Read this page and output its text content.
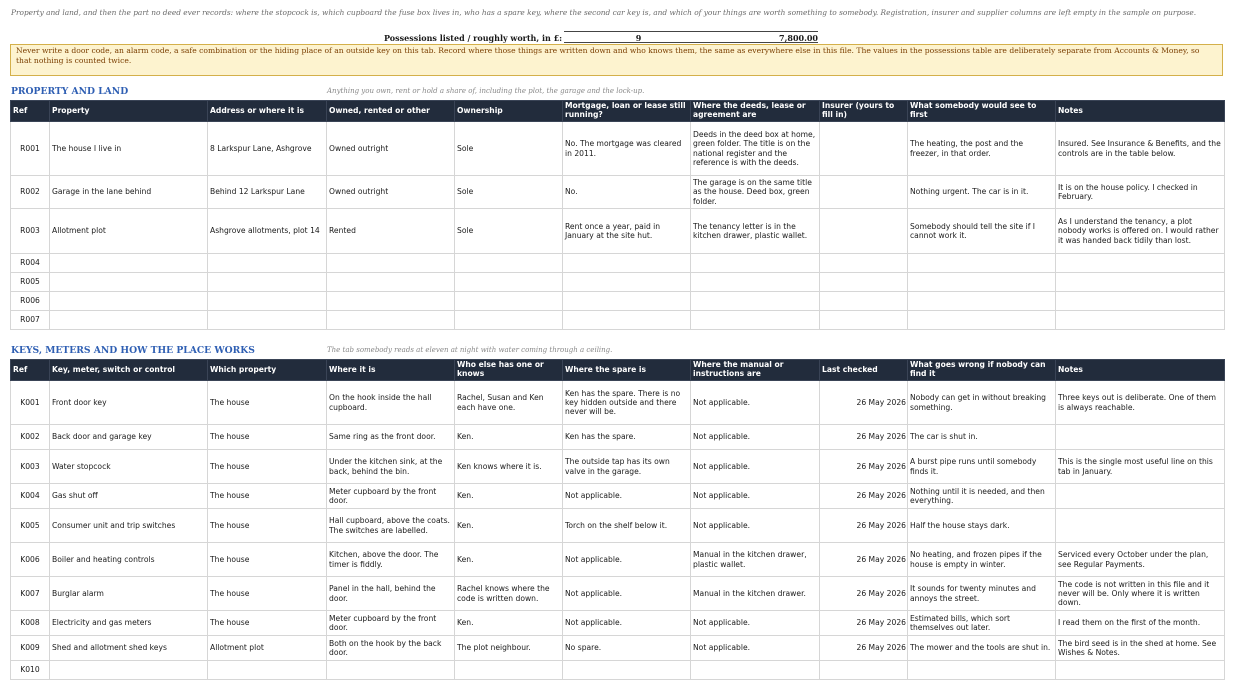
Property and land, and then the part no deed ever records: where the stopcock is, which cupboard the fuse box lives in, who has a spare key, where the second car key is, and which of your things are worth something to somebody. Registration, insurer and supplier columns are left empty in the sample on purpose.
Possessions listed / roughly worth, in £:	9	7,800.00
Never write a door code, an alarm code, a safe combination or the hiding place of an outside key on this tab. Record where those things are written down and who knows them, the same as everywhere else in this file. The values in the possessions table are deliberately separate from Accounts & Money, so that nothing is counted twice.
PROPERTY AND LAND	Anything you own, rent or hold a share of, including the plot, the garage and the lock-up.
Ref	Property	Address or where it is	Owned, rented or other	Ownership	Mortgage, loan or lease still running?	Where the deeds, lease or agreement are	Insurer (yours to fill in)	What somebody would see to first	Notes
R001	The house I live in	8 Larkspur Lane, Ashgrove	Owned outright	Sole	No. The mortgage was cleared in 2011.	Deeds in the deed box at home, green folder. The title is on the national register and the reference is with the deeds.		The heating, the post and the freezer, in that order.	Insured. See Insurance & Benefits, and the controls are in the table below.
R002	Garage in the lane behind	Behind 12 Larkspur Lane	Owned outright	Sole	No.	The garage is on the same title as the house. Deed box, green folder.		Nothing urgent. The car is in it.	It is on the house policy. I checked in February.
R003	Allotment plot	Ashgrove allotments, plot 14	Rented	Sole	Rent once a year, paid in January at the site hut.	The tenancy letter is in the kitchen drawer, plastic wallet.		Somebody should tell the site if I cannot work it.	As I understand the tenancy, a plot nobody works is offered on. I would rather it was handed back tidily than lost.
R004									
R005									
R006									
R007									
KEYS, METERS AND HOW THE PLACE WORKS	The tab somebody reads at eleven at night with water coming through a ceiling.
Ref	Key, meter, switch or control	Which property	Where it is	Who else has one or knows	Where the spare is	Where the manual or instructions are	Last checked	What goes wrong if nobody can find it	Notes
K001	Front door key	The house	On the hook inside the hall cupboard.	Rachel, Susan and Ken each have one.	Ken has the spare. There is no key hidden outside and there never will be.	Not applicable.	26 May 2026	Nobody can get in without breaking something.	Three keys out is deliberate. One of them is always reachable.
K002	Back door and garage key	The house	Same ring as the front door.	Ken.	Ken has the spare.	Not applicable.	26 May 2026	The car is shut in.	
K003	Water stopcock	The house	Under the kitchen sink, at the back, behind the bin.	Ken knows where it is.	The outside tap has its own valve in the garage.	Not applicable.	26 May 2026	A burst pipe runs until somebody finds it.	This is the single most useful line on this tab in January.
K004	Gas shut off	The house	Meter cupboard by the front door.	Ken.	Not applicable.	Not applicable.	26 May 2026	Nothing until it is needed, and then everything.	
K005	Consumer unit and trip switches	The house	Hall cupboard, above the coats. The switches are labelled.	Ken.	Torch on the shelf below it.	Not applicable.	26 May 2026	Half the house stays dark.	
K006	Boiler and heating controls	The house	Kitchen, above the door. The timer is fiddly.	Ken.	Not applicable.	Manual in the kitchen drawer, plastic wallet.	26 May 2026	No heating, and frozen pipes if the house is empty in winter.	Serviced every October under the plan, see Regular Payments.
K007	Burglar alarm	The house	Panel in the hall, behind the door.	Rachel knows where the code is written down.	Not applicable.	Manual in the kitchen drawer.	26 May 2026	It sounds for twenty minutes and annoys the street.	The code is not written in this file and it never will be. Only where it is written down.
K008	Electricity and gas meters	The house	Meter cupboard by the front door.	Ken.	Not applicable.	Not applicable.	26 May 2026	Estimated bills, which sort themselves out later.	I read them on the first of the month.
K009	Shed and allotment shed keys	Allotment plot	Both on the hook by the back door.	The plot neighbour.	No spare.	Not applicable.	26 May 2026	The mower and the tools are shut in.	The bird seed is in the shed at home. See Wishes & Notes.
K010									
